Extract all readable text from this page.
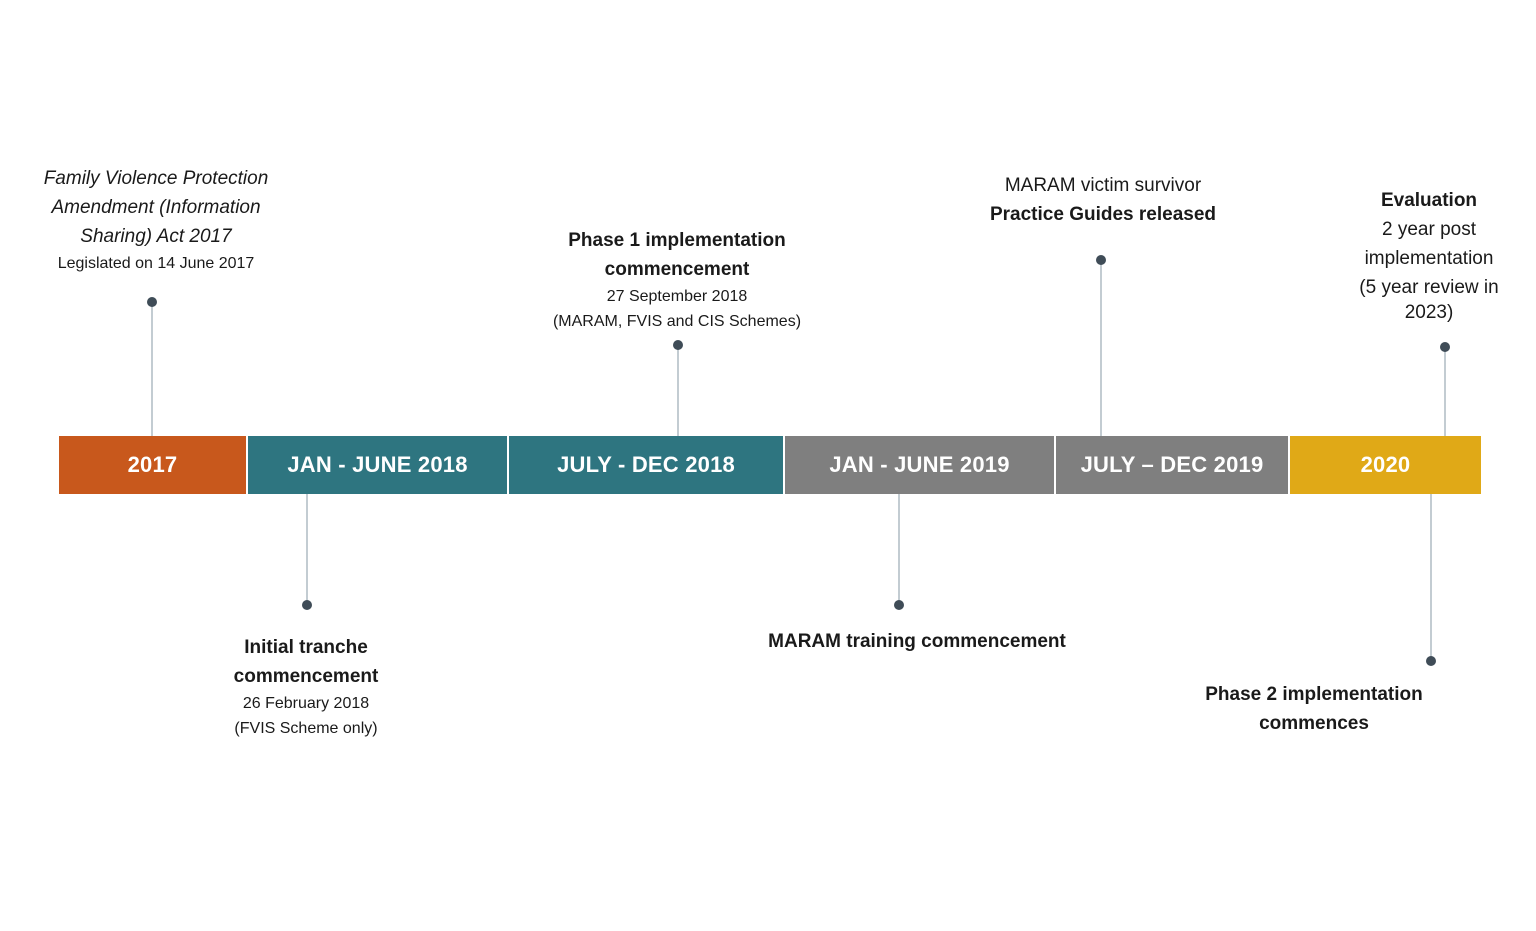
2017	JAN - JUNE 2018	JULY - DEC 2018	JAN - JUNE 2019	JULY – DEC 2019	2020
Family Violence Protection
Amendment (Information
Sharing) Act 2017
Legislated on 14 June 2017
Initial tranche
commencement
26 February 2018
(FVIS Scheme only)
Phase 1 implementation
commencement
27 September 2018
(MARAM, FVIS and CIS Schemes)
MARAM training commencement
MARAM victim survivor
Practice Guides released
Evaluation
2 year post
implementation
(5 year review in
2023)
Phase 2 implementation
commences
